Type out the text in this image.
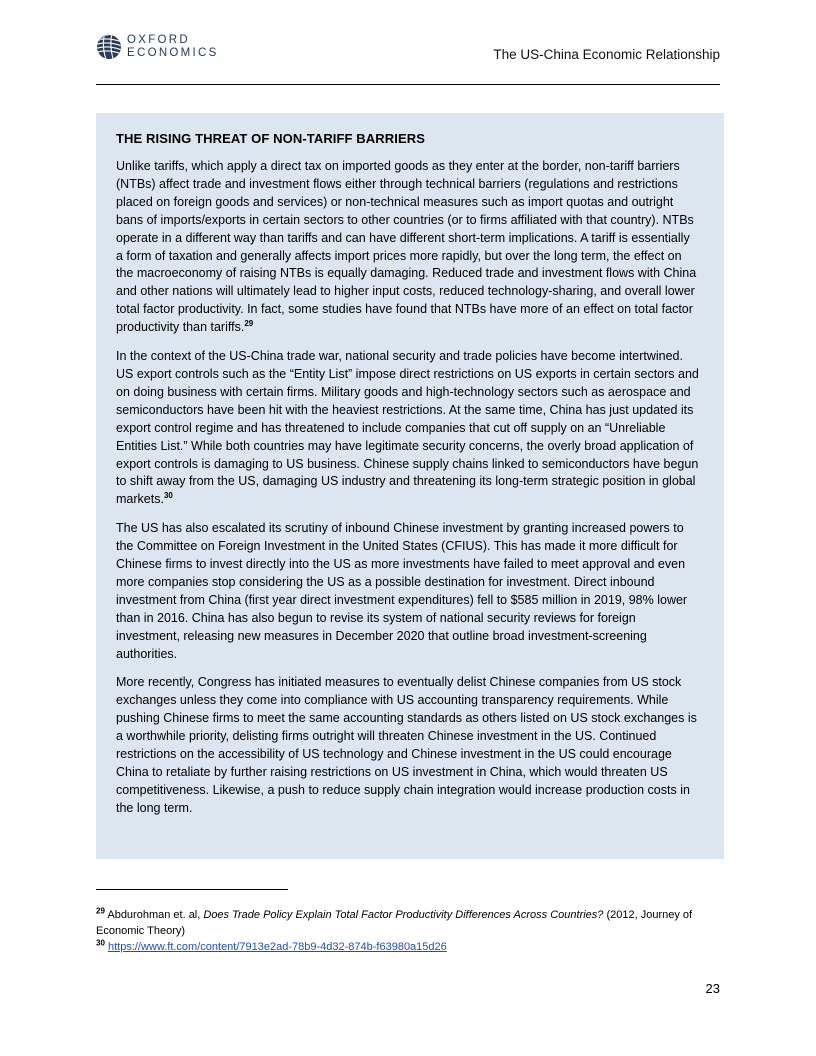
OXFORD
ECONOMICS	The US-China Economic Relationship
THE RISING THREAT OF NON-TARIFF BARRIERS

Unlike tariffs, which apply a direct tax on imported goods as they enter at the border, non-tariff barriers (NTBs) affect trade and investment flows either through technical barriers (regulations and restrictions placed on foreign goods and services) or non-technical measures such as import quotas and outright bans of imports/exports in certain sectors to other countries (or to firms affiliated with that country). NTBs operate in a different way than tariffs and can have different short-term implications. A tariff is essentially a form of taxation and generally affects import prices more rapidly, but over the long term, the effect on the macroeconomy of raising NTBs is equally damaging. Reduced trade and investment flows with China and other nations will ultimately lead to higher input costs, reduced technology-sharing, and overall lower total factor productivity. In fact, some studies have found that NTBs have more of an effect on total factor productivity than tariffs.$^{29}$

In the context of the US-China trade war, national security and trade policies have become intertwined. US export controls such as the “Entity List” impose direct restrictions on US exports in certain sectors and on doing business with certain firms. Military goods and high-technology sectors such as aerospace and semiconductors have been hit with the heaviest restrictions. At the same time, China has just updated its export control regime and has threatened to include companies that cut off supply on an “Unreliable Entities List.” While both countries may have legitimate security concerns, the overly broad application of export controls is damaging to US business. Chinese supply chains linked to semiconductors have begun to shift away from the US, damaging US industry and threatening its long-term strategic position in global markets.$^{30}$

The US has also escalated its scrutiny of inbound Chinese investment by granting increased powers to the Committee on Foreign Investment in the United States (CFIUS). This has made it more difficult for Chinese firms to invest directly into the US as more investments have failed to meet approval and even more companies stop considering the US as a possible destination for investment. Direct inbound investment from China (first year direct investment expenditures) fell to $585 million in 2019, 98% lower than in 2016. China has also begun to revise its system of national security reviews for foreign investment, releasing new measures in December 2020 that outline broad investment-screening authorities.

More recently, Congress has initiated measures to eventually delist Chinese companies from US stock exchanges unless they come into compliance with US accounting transparency requirements. While pushing Chinese firms to meet the same accounting standards as others listed on US stock exchanges is a worthwhile priority, delisting firms outright will threaten Chinese investment in the US. Continued restrictions on the accessibility of US technology and Chinese investment in the US could encourage China to retaliate by further raising restrictions on US investment in China, which would threaten US competitiveness. Likewise, a push to reduce supply chain integration would increase production costs in the long term.

$^{29}$ Abdurohman et. al, Does Trade Policy Explain Total Factor Productivity Differences Across Countries? (2012, Journey of Economic Theory)

$^{30}$ https://www.ft.com/content/7913e2ad-78b9-4d32-874b-f63980a15d26

23
